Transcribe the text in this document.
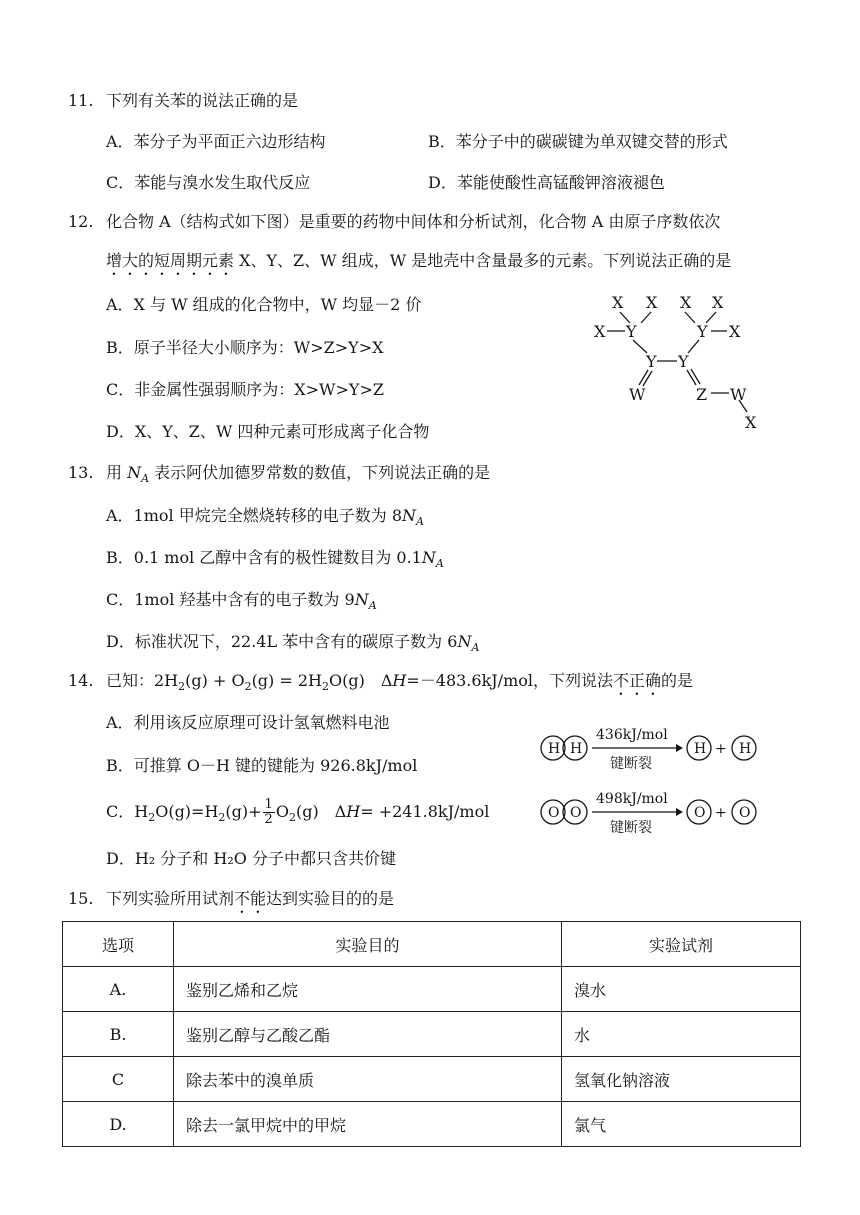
11. 下列有关苯的说法正确的是
A．苯分子为平面正六边形结构	B．苯分子中的碳碳键为单双键交替的形式
C．苯能与溴水发生取代反应	D．苯能使酸性高锰酸钾溶液褪色
12. 化合物 A（结构式如下图）是重要的药物中间体和分析试剂，化合物 A 由原子序数依次
增大的短周期元素 X、Y、Z、W 组成，W 是地壳中含量最多的元素。下列说法正确的是
A．X 与 W 组成的化合物中，W 均显－2 价
B．原子半径大小顺序为：W>Z>Y>X
C．非金属性强弱顺序为：X>W>Y>Z
D．X、Y、Z、W 四种元素可形成离子化合物
X X X X
X Y	Y X
Y Y
W	Z W
X
13. 用 $N_A$ 表示阿伏加德罗常数的数值，下列说法正确的是
A．1mol 甲烷完全燃烧转移的电子数为 $8N_A$
B．0.1 mol 乙醇中含有的极性键数目为 $0.1N_A$
C．1mol 羟基中含有的电子数为 $9N_A$
D．标准状况下，22.4L 苯中含有的碳原子数为 $6N_A$
14. 已知：$2H_2(g) + O_2(g) = 2H_2O(g)$　ΔH=－483.6kJ/mol，下列说法不正确的是
A．利用该反应原理可设计氢氧燃料电池
B．可推算 O－H 键的键能为 926.8kJ/mol
C．$H_2O(g)=H_2(g)+ \frac{1}{2} O_2(g)$　ΔH= +241.8kJ/mol
D．H₂ 分子和 H₂O 分子中都只含共价键
H H
436kJ/mol
键断裂
H + H
O O
498kJ/mol
键断裂
O + O
15. 下列实验所用试剂不能达到实验目的的是
选项	实验目的	实验试剂
A.	鉴别乙烯和乙烷	溴水
B.	鉴别乙醇与乙酸乙酯	水
C	除去苯中的溴单质	氢氧化钠溶液
D.	除去一氯甲烷中的甲烷	氯气
